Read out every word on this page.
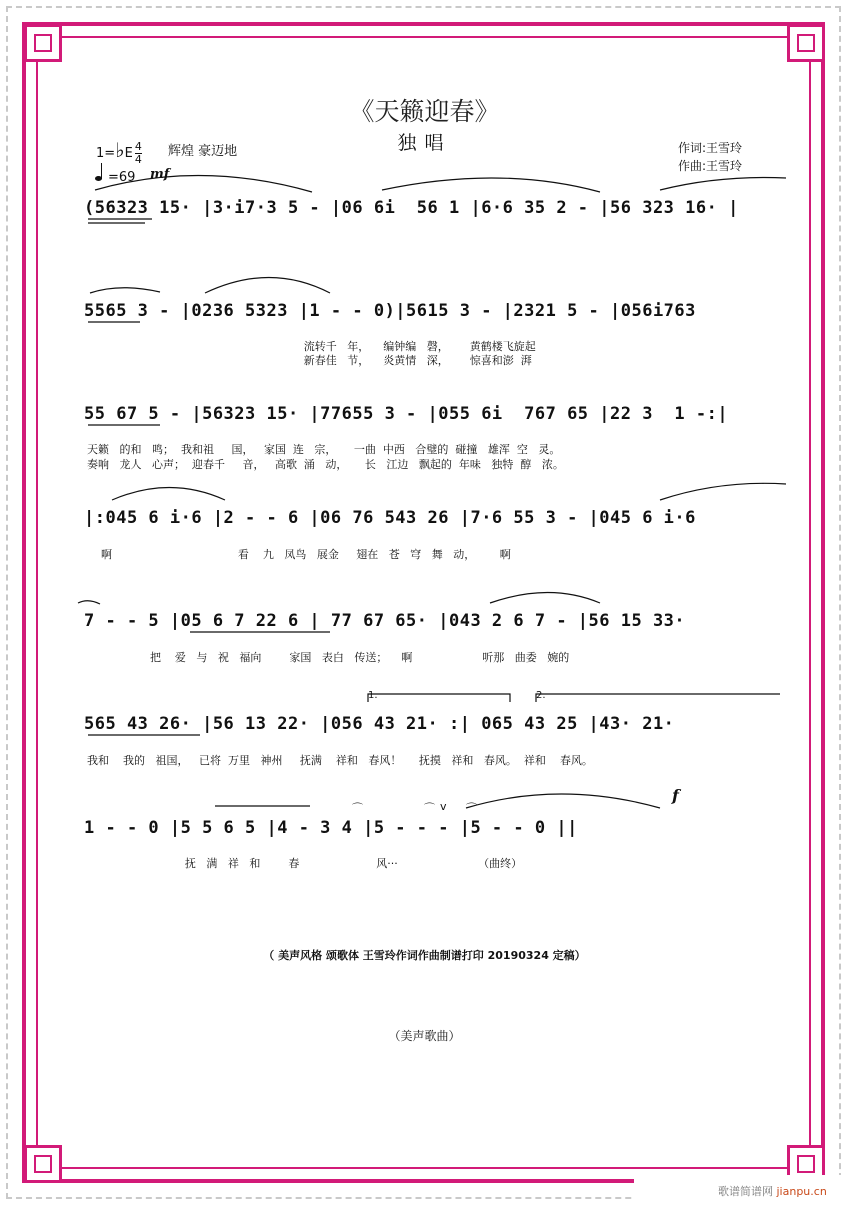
《天籁迎春》
独唱
1=♭E $\frac{4}{4}$ 辉煌 豪迈地
=69 mf
作词:王雪玲
作曲:王雪玲
(56323 15· |3·i7·3 5 - |06 6i  56 1 |6·6 35 2 - |56 323 16· |
5565 3 - |0236 5323 |1 - - 0)|5615 3 - |2321 5 - |056i763
流转千   年，    编钟编   磬，      黄鹤楼飞旋起
新春佳   节，    炎黄情   深，      惊喜和澎  湃
55 67 5 - |56323 15· |77655 3 - |055 6i  767 65 |22 3  1 -:|
天籁   的和   鸣；  我和祖     国，   家国  连   宗，     一曲  中西   合璧的  碰撞   雄浑  空   灵。
奏响   龙人   心声；  迎春千     音，   高歌  涌   动，     长   江边   飘起的  年味   独特  醇   浓。
|:045 6 i·6 |2 - - 6 |06 76 543 26 |7·6 55 3 - |045 6 i·6
啊                                    看    九   凤鸟   展金     翅在   苍   穹   舞   动，       啊
7 - - 5 |05 6 7 22 6 | 77 67 65· |043 2 6 7 - |56 15 33·
把    爱   与   祝   福向        家国   表白   传送；    啊                    听那   曲委   婉的
1.	2.
565 43 26· |56 13 22· |056 43 21· :| 065 43 25 |43· 21·
我和    我的   祖国，   已将  万里   神州     抚满    祥和   春风！     抚摸   祥和   春风。  祥和    春风。
f
⌒	⌒	⌒
v
1 - - 0 |5 5 6 5 |4 - 3 4 |5 - - - |5 - - 0 ||
抚   满   祥   和        春                      风···                       （曲终）
（ 美声风格 颂歌体 王雪玲作词作曲制谱打印 20190324 定稿）
（美声歌曲）
歌谱简谱网 jianpu.cn
